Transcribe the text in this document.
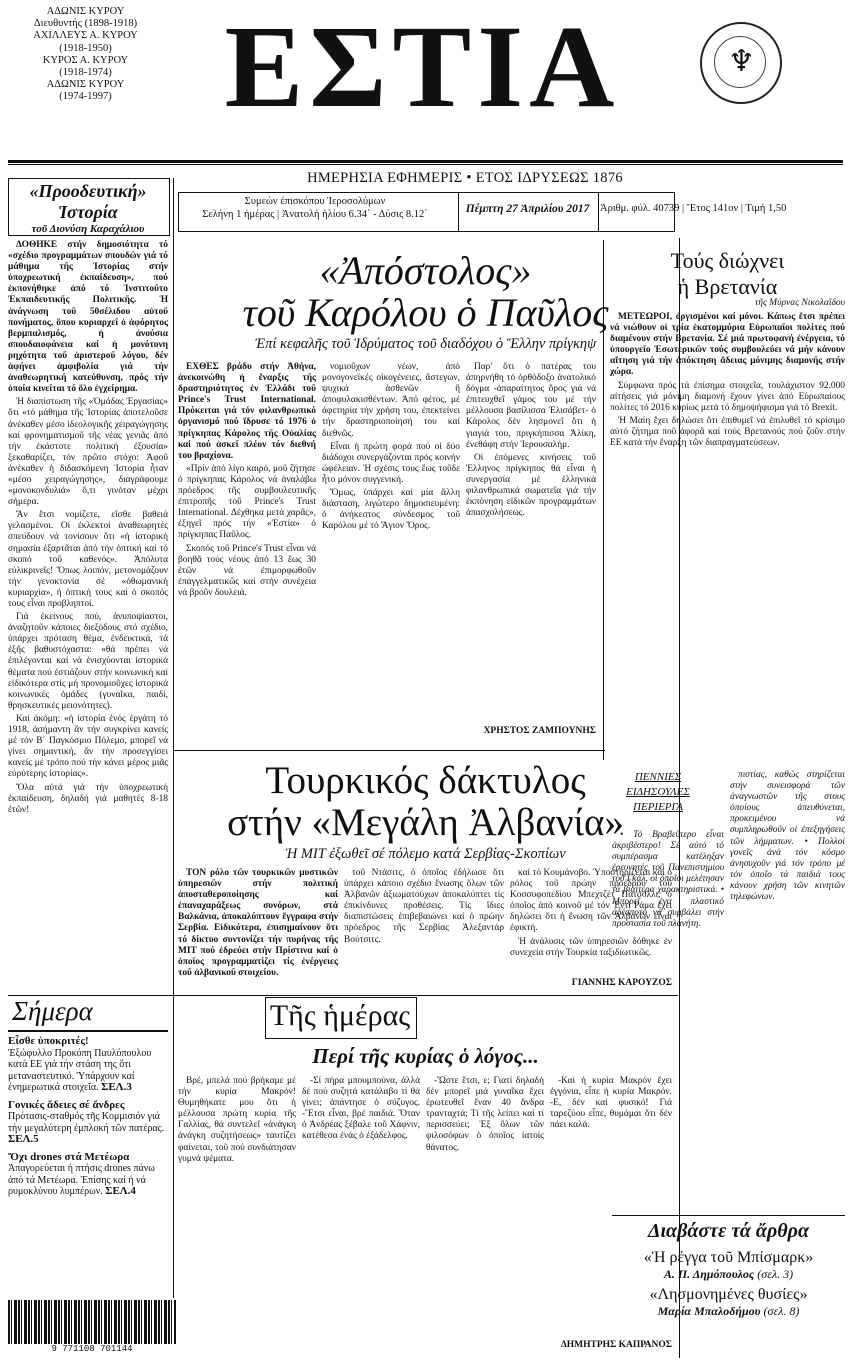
ΑΔΩΝΙΣ ΚΥΡΟΥ
Διευθυντής (1898-1918)
ΑΧΙΛΛΕΥΣ Α. ΚΥΡΟΥ
(1918-1950)
ΚΥΡΟΣ Α. ΚΥΡΟΥ
(1918-1974)
ΑΔΩΝΙΣ ΚΥΡΟΥ
(1974-1997) ΕΣΤΙΑ	♆
ΗΜΕΡΗΣΙΑ ΕΦΗΜΕΡΙΣ • ΕΤΟΣ ΙΔΡΥΣΕΩΣ 1876
Συμεών ἐπισκόπου Ἱεροσολύμων
Σελήνη 1 ἡμέρας | Ἀνατολή ἡλίου 6.34΄ - Δύσις 8.12΄	Πέμπτη 27 Ἀπριλίου 2017 Ἀριθμ. φύλ. 40739 | Ἔτος 141ον | Τιμή 1,50
«Προοδευτική»
Ἱστορία
τοῦ Διονύση Καραχάλιου

ΔΟΘΗΚΕ στήν δημοσιότητα τό «σχέδιο προγραμμάτων σπουδῶν γιά τό μάθημα τῆς Ἱστορίας στήν ὑποχρεωτική ἐκπαίδευση», πού ἐκπονήθηκε ἀπό τό Ἰνστιτοῦτο Ἐκπαιδευτικῆς Πολιτικῆς. Ἡ ἀνάγνωση τοῦ 50σέλιδου αὐτοῦ πονήματος, ὅπου κυριαρχεῖ ὁ ἀφόρητος βερμπαλισμός, ἡ ἀνούσια σπουδαιοφάνεια καί ἡ μονότονη ρηχότητα τοῦ ἀριστεροῦ λόγου, δέν ἀφήνει ἀμφιβολία γιά τήν ἀναθεωρητική κατεύθυνση, πρός τήν ὁποία κινεῖται τό ὅλο ἐγχείρημα.

Ἡ διαπίστωση τῆς «Ὁμάδας Ἐργασίας» ὅτι «τό μάθημα τῆς Ἱστορίας ἀποτελοῦσε ἀνέκαθεν μέσο ἰδεολογικῆς χειραγώγησης καί φρονηματισμοῦ τῆς νέας γενιᾶς ἀπό τήν ἑκάστοτε πολιτική ἐξουσία» ξεκαθαρίζει, τόν πρῶτο στόχο: Ἀφοῦ ἀνέκαθεν ἡ διδασκόμενη Ἱστορία ἦταν «μέσο χειραγώγησης», διαγράφουμε «μονοκονδυλιά» ὅ,τι γινόταν μέχρι σήμερα.

Ἄν ἔτσι νομίζετε, εἴσθε βαθειά γελασμένοι. Οἱ ἐκλεκτοί ἀναθεωρητές σπεύδουν νά τονίσουν ὅτι «ἡ ἱστορική σημασία ἐξαρτᾶται ἀπό τήν ὀπτική καί τό σκοπό τοῦ καθενός». Ἀπόλυτα εὐλικρινεῖς! Ὅπως λοιπόν, μετονομάζουν τήν γενοκτονία σέ «ὀθωμανική κυριαρχία», ἡ ὀπτική τους καί ὁ σκοπός τους εἶναι προβληπτοί.

Γιά ἐκείνους πού, ἀνυποψίαστοι, ἀναζητοῦν κάποιες διεξόδους στό σχέδιο, ὑπάρχει πρόταση θέμα, ἐνδεικτικά, τά ἐξῆς βαθυστόχαστα: «θά πρέπει νά ἐπιλέγονται καί νά ἐνισχύονται ἱστορικά θέματα πού ἐστιάζουν στήν κοινωνική καί εἰδικότερα στίς μή προνομιοῦχες ἱστορικά κοινωνικές ὁμάδες (γυναῖκα, παιδί, θρησκευτικές μειονότητες).

Καί ἀκόμη: «ἡ ἱστορία ἐνός ἐργάτη τό 1918, ἀσήμαντη ἄν τήν συγκρίνει κανείς μέ τόν Β΄ Παγκόσμιο Πόλεμο, μπορεῖ νά γίνει σημαντική, ἄν τήν προσεγγίσει κανείς μέ τρόπο πού τήν κάνει μέρος μιᾶς εὐρύτερης ἱστορίας».

Ὅλα αὐτά γιά τήν ὑποχρεωτική ἐκπαίδευση, δηλαδή γιά μαθητές 8-18 ἐτῶν!

«Ἀπόστολος»
τοῦ Καρόλου ὁ Παῦλος
Ἐπί κεφαλῆς τοῦ Ἱδρύματος τοῦ διαδόχου ὁ Ἕλλην πρίγκηψ

ΕΧΘΕΣ βράδυ στήν Ἀθήνα, ἀνεκοινώθη ἡ ἔναρξις τῆς δραστηριότητος ἐν Ἑλλάδι τοῦ Prince's Trust International. Πρόκειται γιά τόν φιλανθρωπικό ὀργανισμό πού ἵδρυσε τό 1976 ὁ πρίγκηπας Κάρολος τῆς Οὐαλίας καί πού ἀσκεῖ πλέον τόν διεθνή του βραχίονα.

«Πρίν ἀπό λίγο καιρό, μοῦ ζήτησε ὁ πρίγκηπας Κάρολος νά ἀναλάβω πρόεδρος τῆς συμβουλευτικῆς ἐπιτροπῆς τοῦ Prince's Trust International. Δέχθηκα μετά χαρᾶς», ἐξηγεῖ πρός τήν «Ἑστία» ὁ πρίγκηπας Παῦλος.

Σκοπός τοῦ Prince's Trust εἶναι νά βοηθᾶ τούς νέους ἀπό 13 ἕως 30 ἐτῶν νά ἐπιμορφωθοῦν ἐπαγγελματικῶς καί στήν συνέχεια νά βροῦν δουλειά.

νομιοῦχων νέων, ἀπό μονογονεϊκές οἰκογένειες, ἄστεγων, ψυχικά ἀσθενῶν ἤ ἀποφυλακισθέντων. Ἀπό φέτος, μέ ἀφετηρία τήν χρήση του, ἐπεκτείνει τήν δραστηριοποίησή του καί διεθνῶς.

Εἶναι ἡ πρώτη φορά πού οἱ δύο διάδοχοι συνεργάζονται πρός κοινήν ὠφέλειαν. Ἡ σχέσις τους ἕως τοῦδε ἦτο μόνον συγγενική.

Ὅμως, ὑπάρχει καί μία ἄλλη διάσταση, λιγώτερο δημοσιευμένη: ὁ ἀνήκεστος σύνδεσμος τοῦ Καρόλου μέ τό Ἅγιον Ὄρος.

Παρ' ὅτι ὁ πατέρας του ἀπηρνήθη τό ὀρθόδοξο ἀνατολικό δόγμα -ἀπαραίτητος ὅρος γιά νά ἐπιτευχθεῖ γάμος του μέ τήν μέλλουσα βασίλισσα Ἐλισάβετ- ὁ Κάρολος δέν λησμονεῖ ὅτι ἡ γιαγιά του, πριγκήπισσα Ἀλίκη, ἐνεθάφη στήν Ἱερουσαλήμ.

Οἱ ἐπόμενες κινήσεις τοῦ Ἑλληνος πρίγκηπος θά εἶναι ἡ συνεργασία μέ ἑλληνικά φιλανθρωπικά σωματεῖα γιά τήν ἐκπόνηση εἰδικῶν προγραμμάτων ἀπασχολήσεως.

ΧΡΗΣΤΟΣ ΖΑΜΠΟΥΝΗΣ
Τούς διώχνει
ἡ Βρετανία
τῆς Μύρνας Νικολαΐδου

ΜΕΤΕΩΡΟΙ, ὀργισμένοι καί μόνοι. Κάπως ἔτσι πρέπει νά νιώθουν οἱ τρία ἑκατομμύρια Εὐρωπαῖοι πολίτες πού διαμένουν στήν Βρετανία. Σέ μιά πρωτοφανή ἐνέργεια, τό ὑπουργεῖο Ἐσωτερικῶν τούς συμβουλεύει νά μήν κάνουν αἴτηση γιά τήν ἀπόκτηση ἄδειας μόνιμης διαμονῆς στήν χώρα.

Σύμφωνα πρός τά ἐπίσημα στοιχεῖα, τουλάχιστον 92.000 αἰτήσεις γιά μόνιμη διαμονή ἔχουν γίνει ἀπό Εὐρωπαίους πολίτες τό 2016 κυρίως μετά τό δημοψήφισμα γιά τό Brexit.

Ἡ Μαίη ἔχει δηλώσει ὅτι ἐπιθυμεῖ νά ἐπιλυθεῖ τό κρίσιμο αὐτό ζήτημα ποῦ ἀφορᾶ καί τούς Βρετανούς πού ζοῦν στήν ΕΕ κατά τήν ἔναρξη τῶν διαπραγματεύσεων.

Τουρκικός δάκτυλος
στήν «Μεγάλη Ἀλβανία»
Ἡ ΜΙΤ ἐξωθεῖ σέ πόλεμο κατά Σερβίας-Σκοπίων

ΤΟΝ ρόλο τῶν τουρκικῶν μυστικῶν ὑπηρεσιῶν στήν πολιτική ἀποσταθεροποίησης καί ἐπαναχαράξεως συνόρων, στά Βαλκάνια, ἀποκαλύπτουν ἔγγραφα στήν Σερβία. Εἰδικότερα, ἐπισημαίνουν ὅτι τό δίκτυο συντονίζει τήν πυρήνας τῆς ΜΙΤ πού ἑδρεύει στήν Πρίστινα καί ὁ ὁποῖος προγραμματίζει τίς ἐνέργειες τοῦ ἀλβανικοῦ στοιχείου.

τοῦ Ντάσιτς, ὁ ὁποῖος ἐδήλωσε ὅτι ὑπάρχει κάποιο σχέδιο ἕνωσης ὅλων τῶν Ἀλβανῶν ἀξιωματούχων ἀποκαλύπτει τίς ἐπικίνδυνες προθέσεις. Τίς ἴδιες διαπιστώσεις ἐπιβεβαιώνει καί ὁ πρώην πρόεδρος τῆς Σερβίας Ἀλεξαντάρ Βούτσιτς.

καί τό Κουμάνοβο. Ὑποστηρίζεται καί ὁ ρόλος τοῦ πρώην προέδρου τοῦ Κοσσυφοπεδίου Μπεχτζέτ Πατσόλλι, ὁ ὁποῖος ἀπό κοινοῦ μέ τόν Ἐντί Ράμα ἔχει δηλώσει ὅτι ἡ ἕνωση τῶν Ἀλβανῶν εἶναι ἐφικτή.

Ἡ ἀνάλυσις τῶν ὑπηρεσιῶν δόθηκε ἐν συνεχεία στήν Τουρκία ταξιδιωτικῶς.

ΓΙΑΝΝΗΣ ΚΑΡΟΥΖΟΣ
Σήμερα
Εἶσθε ὑποκριτές!
Ἐξώφυλλο Προκόπη Παυλόπουλου κατά ΕΕ γιά τήν στάση της ὅτι μεταναστευτικό. Ὑπάρχουν καί ἐνημερωτικά στοιχεῖα. ΣΕΛ.3
Γονικές ἄδειες σέ ἄνδρες
Πρότασις-σταθμός τῆς Κομμισιόν γιά τήν μεγαλύτερη ἐμπλοκή τῶν πατέρας. ΣΕΛ.5
Ὄχι drones στά Μετέωρα
Ἀπαγορεύεται ἡ πτήσις drones πάνω ἀπό τά Μετέωρα. Ἐπίσης καί ἡ νά ρυμοκλύνου λυμπέρων. ΣΕΛ.4
9 771108 701144
Τῆς ἡμέρας
Περί τῆς κυρίας ὁ λόγος...

Βρέ, μπελά πού βρήκαμε μέ τήν κυρία Μακρόν! Θυμηθήκατε μου ὅτι ἡ μέλλουσα πρώτη κυρία τῆς Γαλλίας, θά συντελεῖ «ἀνάγκη ἀνάγκη συζητήσεως» ταυτίζει φαίνεται, τοῦ πού συνδιάτησαν γυμνά ψέματα.

-Σί πήρα μπουμπούνα, ἀλλά δέ πού συζητά κατάλαβο τί θά γίνει; ἀπάντησε ὁ σύζυγος. -Ἔτσι εἶναι, βρέ παιδιά. Ὅταν ὁ Ἀνδρέας ξέβαλε τοῦ Χάφνιν, κατέθεσα ἐνάς ὁ ἐξάδελφος.

-Ὥστε ἔτσι, ε; Γιατί δηλαδή δέν μπορεῖ μιά γυναῖκα ἔχει ἐρωτευθεῖ ἕναν 40 ἄνδρα τρανταχτά; Τί τῆς λείπει καί τί περισσεύει; Ἐξ ὅλων τῶν φιλοσόφων ὁ ὁποῖος ἰατοίς θάνατος.

-Καί ἡ κυρία Μακρόν ἔχει ἐγγόνια, εἶπε ἡ κυρία Μακρόν. -Ε, δέν καί φυσικό! Γιά ταρεζύου εἶπε, θυμάμαι ὅτι δέν πάει καλά.

ΔΗΜΗΤΡΗΣ ΚΑΠΡΑΝΟΣ
ΠΕΝΝΙΕΣ
ΕΙΔΗΣΟΥΛΕΣ
ΠΕΡΙΕΡΓΑ

• Τό Βραβεῦτερο εἶναι ἀκριβέστερο! Σέ αὐτό τό συμπέρασμα κατέληξαν ἐρευνητές τοῦ Πανεπιστημίου τοῦ Γκάλ, οἱ ὁποῖοι μελέτησαν τά βιαίτερα χαρακτηριστικά. • Μπορεῖ ἐνα πλαστικό ἀδέσποτο νά συμβάλει στήν προστασία τοῦ πλανήτη.

πιστίας, καθώς στηρίζεται στήν συνεισφορά τῶν ἀναγνωστῶν τῆς στους ὁποίους ἀπευθύνεται, προκειμένου νά συμπληρωθοῦν οἱ ἐπεξηγήσεις τῶν λήμματων. • Πολλοί γονεῖς ἀνά τόν κόσμο ἀνησυχοῦν γιά τόν τρόπο μέ τόν ὁποῖο τά παιδιά τους κάνουν χρήση τῶν κινητῶν τηλεφώνων.

Διαβάστε τά ἄρθρα
«Ἡ ρέγγα τοῦ Μπίσμαρκ»
Α. Π. Δημόπουλος (σελ. 3)
«Λησμονημένες θυσίες»
Μαρία Μπαλοδήμου (σελ. 8)
